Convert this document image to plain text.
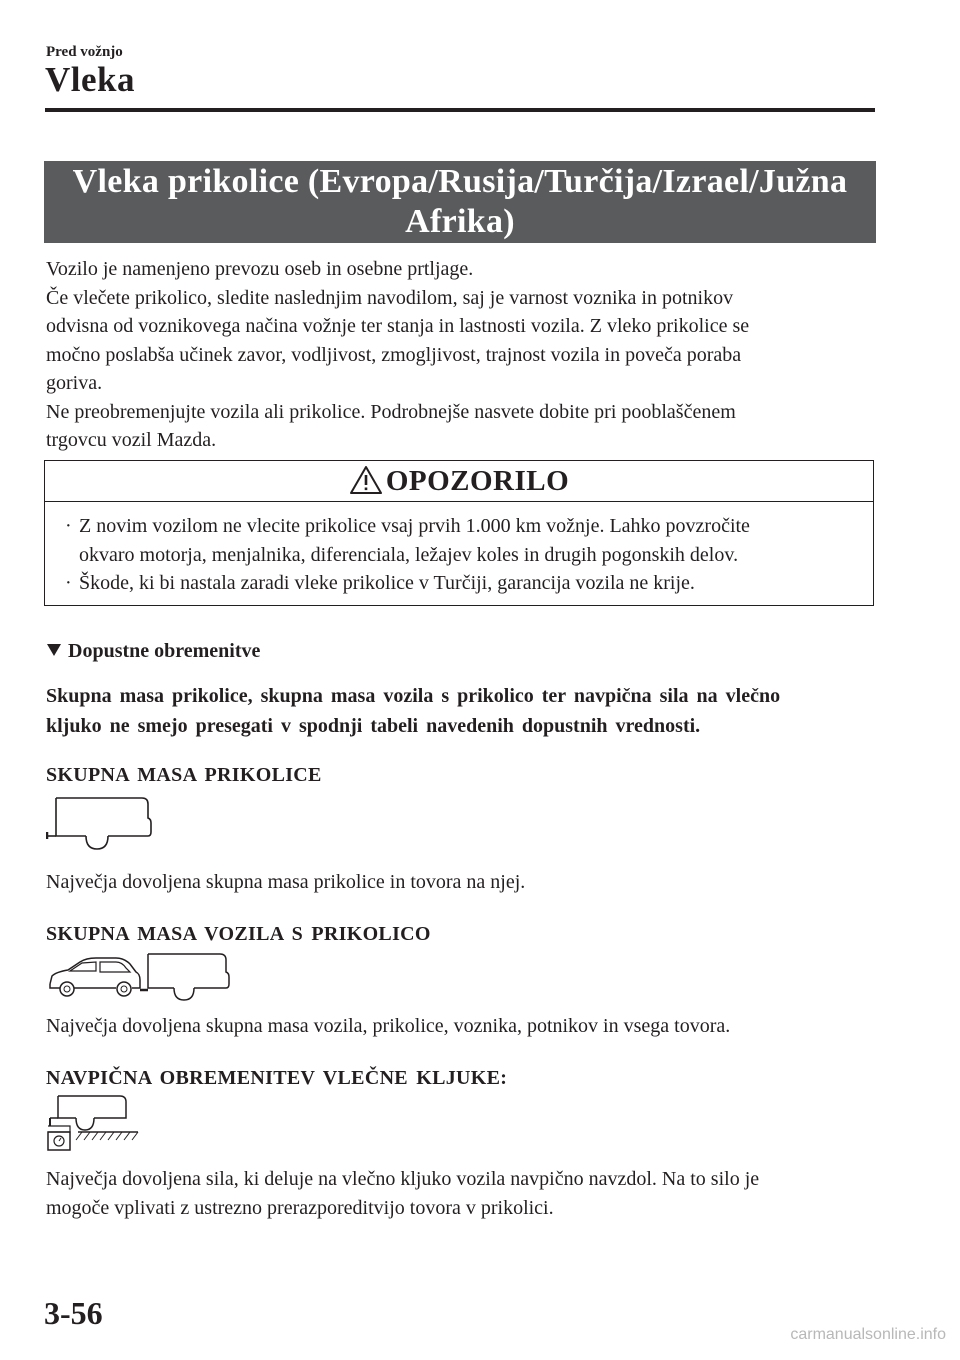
Pred vožnjo
Vleka
Vleka prikolice (Evropa/Rusija/Turčija/Izrael/Južna
Afrika)
Vozilo je namenjeno prevozu oseb in osebne prtljage.
Če vlečete prikolico, sledite naslednjim navodilom, saj je varnost voznika in potnikov
odvisna od voznikovega načina vožnje ter stanja in lastnosti vozila. Z vleko prikolice se
močno poslabša učinek zavor, vodljivost, zmogljivost, trajnost vozila in poveča poraba
goriva.
Ne preobremenjujte vozila ali prikolice. Podrobnejše nasvete dobite pri pooblaščenem
trgovcu vozil Mazda.
OPOZORILO
· Z novim vozilom ne vlecite prikolice vsaj prvih 1.000 km vožnje. Lahko povzročite
okvaro motorja, menjalnika, diferenciala, ležajev koles in drugih pogonskih delov.
· Škode, ki bi nastala zaradi vleke prikolice v Turčiji, garancija vozila ne krije.
Dopustne obremenitve
Skupna masa prikolice, skupna masa vozila s prikolico ter navpična sila na vlečno
kljuko ne smejo presegati v spodnji tabeli navedenih dopustnih vrednosti.
SKUPNA MASA PRIKOLICE
Največja dovoljena skupna masa prikolice in tovora na njej.
SKUPNA MASA VOZILA S PRIKOLICO
Največja dovoljena skupna masa vozila, prikolice, voznika, potnikov in vsega tovora.
NAVPIČNA OBREMENITEV VLEČNE KLJUKE:
Največja dovoljena sila, ki deluje na vlečno kljuko vozila navpično navzdol. Na to silo je
mogoče vplivati z ustrezno prerazporeditvijo tovora v prikolici.
3-56
carmanualsonline.info
